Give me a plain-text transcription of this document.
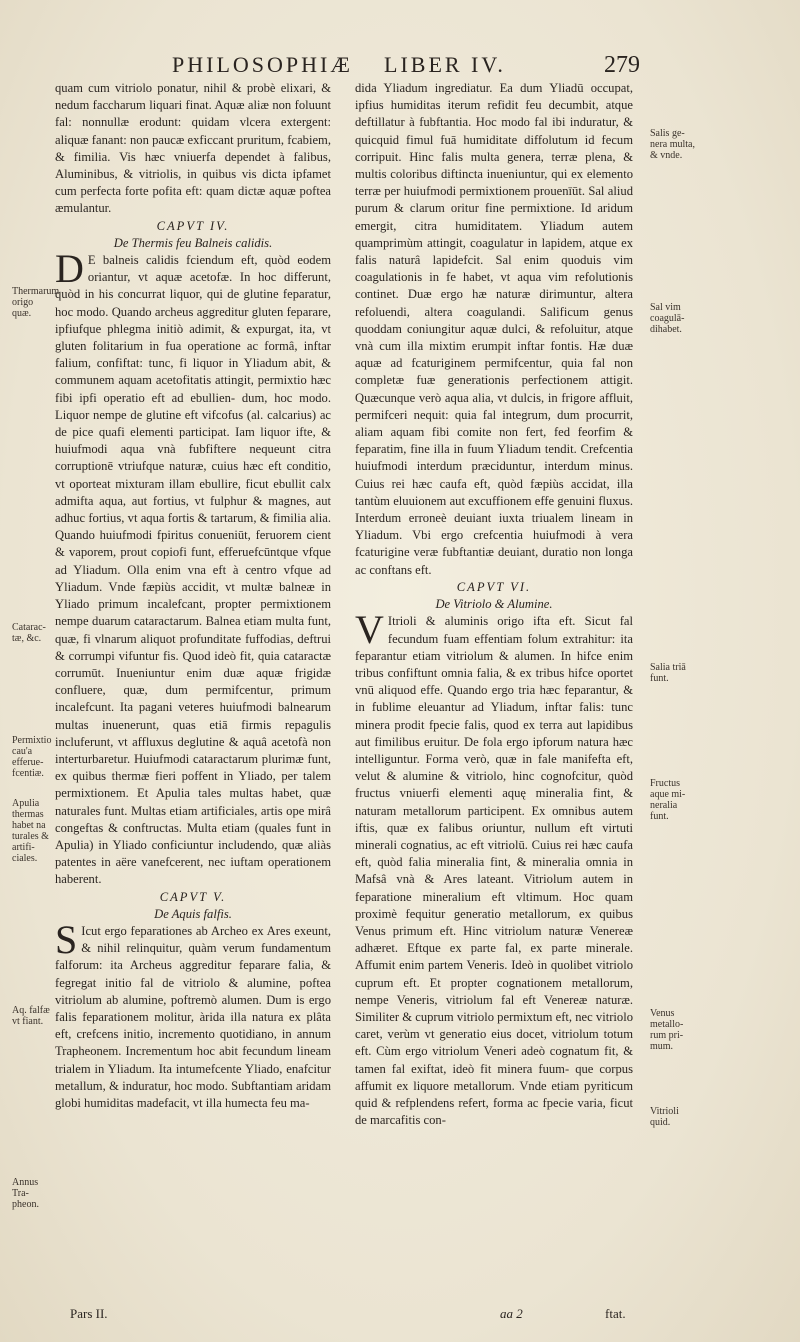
PHILOSOPHIÆ LIBER IV.	279

quam cum vitriolo ponatur, nihil & probè elixari, & nedum faccharum liquari finat. Aquæ aliæ non foluunt fal: nonnullæ erodunt: quidam vlcera extergent: aliquæ fanant: non paucæ exficcant pruritum, fcabiem, & fimilia. Vis hæc vniuerfa dependet à falibus, Aluminibus, & vitriolis, in quibus vis dicta ipfamet cum perfecta forte pofita eft: quam dictæ aquæ poftea æmulantur.

CAPVT IV.

De Thermis feu Balneis calidis.

D E balneis calidis fciendum eft, quòd eodem oriantur, vt aquæ acetofæ. In hoc differunt, quòd in his concurrat liquor, qui de glutine feparatur, hoc modo. Quando archeus aggreditur gluten feparare, ipfiufque phlegma initiò adimit, & expurgat, ita, vt gluten folitarium in fua operatione ac formâ, inftar falium, confiftat: tunc, fi liquor in Yliadum abit, & communem aquam acetofitatis attingit, permixtio hæc fibi ipfi operatio eft ad ebullien- dum, hoc modo. Liquor nempe de glutine eft vifcofus (al. calcarius) ac de pice quafi elementi participat. Iam liquor ifte, & huiufmodi aqua vnà fubfiftere nequeunt citra corruptionē vtriufque naturæ, cuius hæc eft conditio, vt oporteat mixturam illam ebullire, ficut ebullit calx admifta aqua, aut fortius, vt fulphur & magnes, aut adhuc fortius, vt aqua fortis & tartarum, & fimilia alia. Quando huiufmodi fpiritus conueniūt, feruorem cient & vaporem, prout copiofi funt, efferuefcūntque vfque ad Yliadum. Olla enim vna eft à centro vfque ad Yliadum. Vnde fæpiùs accidit, vt multæ balneæ in Yliado primum incalefcant, propter permixtionem nempe duarum cataractarum. Balnea etiam multa funt, quæ, fi vlnarum aliquot profunditate fuffodias, deftrui & corrumpi vifuntur fis. Quod ideò fit, quia cataractæ corrumūt. Inueniuntur enim duæ aquæ frigidæ confluere, quæ, dum permifcentur, primum incalefcunt. Ita pagani veteres huiufmodi balnearum multas inuenerunt, quas etiā firmis repagulis incluferunt, vt affluxus deglutine & aquâ acetofà non interturbaretur. Huiufmodi cataractarum plurimæ funt, ex quibus thermæ fieri poffent in Yliado, per talem permixtionem. Et Apulia tales multas habet, quæ naturales funt. Multas etiam artificiales, artis ope mirâ congeftas & conftructas. Multa etiam (quales funt in Apulia) in Yliado conficiuntur includendo, quæ aliàs patentes in aëre vanefcerent, nec iuftam operationem haberent.

CAPVT V.

De Aquis falfis.

S Icut ergo feparationes ab Archeo ex Ares exeunt, & nihil relinquitur, quàm verum fundamentum falforum: ita Archeus aggreditur feparare falia, & fegregat initio fal de vitriolo & alumine, poftea vitriolum ab alumine, poftremò alumen. Dum is ergo falis feparationem molitur, àrida illa natura ex plâta eft, crefcens initio, incremento quotidiano, in annum Trapheonem. Incrementum hoc abit fecundum lineam trialem in Yliadum. Ita intumefcente Yliado, enafcitur metallum, & induratur, hoc modo. Subftantiam aridam globi humiditas madefacit, vt illa humecta feu ma-

dida Yliadum ingrediatur. Ea dum Yliadū occupat, ipfius humiditas iterum refidit feu decumbit, atque deftillatur à fubftantia. Hoc modo fal ibi induratur, & quicquid fimul fuā humiditate diffolutum id fecum corripuit. Hinc falis multa genera, terræ plena, & multis coloribus diftincta inueniuntur, qui ex elemento terræ per huiufmodi permixtionem prouenīūt. Sal aliud purum & clarum oritur fine permixtione. Id aridum emergit, citra humiditatem. Yliadum autem quamprimùm attingit, coagulatur in lapidem, atque ex falis naturâ lapidefcit. Sal enim quoduis vim coagulationis in fe habet, vt aqua vim refolutionis continet. Duæ ergo hæ naturæ dirimuntur, altera refoluendi, altera coagulandi. Salificum genus quoddam coniungitur aquæ dulci, & refoluitur, atque vnà cum illa mixtim erumpit inftar fontis. Hæ duæ aquæ ad fcaturiginem permifcentur, quia fal non completæ fuæ generationis perfectionem attigit. Quæcunque verò aqua alia, vt dulcis, in frigore affluit, permifceri nequit: quia fal integrum, dum procurrit, aliam aquam fibi comite non fert, fed feorfim & feparatim, fine illa in fuum Yliadum tendit. Crefcentia huiufmodi interdum præciduntur, interdum minus. Cuius rei hæc caufa eft, quòd fæpiùs accidat, illa tantùm eluuionem aut excuffionem effe genuini fluxus. Interdum erroneè deuiant iuxta triualem lineam in Yliadum. Vbi ergo crefcentia huiufmodi à vera fcaturigine veræ fubftantiæ deuiant, duratio non longa ac conftans eft.

CAPVT VI.

De Vitriolo & Alumine.

V Itrioli & aluminis origo ifta eft. Sicut fal fecundum fuam effentiam folum extrahitur: ita feparantur etiam vitriolum & alumen. In hifce enim tribus confiftunt omnia falia, & ex tribus hifce oportet vnū aliquod effe. Quando ergo tria hæc feparantur, & in fublime eleuantur ad Yliadum, inftar falis: tunc minera prodit fpecie falis, quod ex terra aut lapidibus aut fimilibus eruitur. De fola ergo ipforum natura hæc intelliguntur. Forma verò, quæ in fale manifefta eft, velut & alumine & vitriolo, hinc cognofcitur, quòd fructus vniuerfi elementi aquę mineralia fint, & naturam metallorum participent. Ex omnibus autem iftis, quæ ex falibus oriuntur, nullum eft virtuti minerali cognatius, ac eft vitriolū. Cuius rei hæc caufa eft, quòd falia mineralia fint, & mineralia omnia in Mafsâ vnà & Ares lateant. Vitriolum autem in feparatione mineralium eft vltimum. Hoc quam proximè fequitur generatio metallorum, ex quibus Venus primum eft. Hinc vitriolum naturæ Venereæ adhæret. Eftque ex parte fal, ex parte minerale. Affumit enim partem Veneris. Ideò in quolibet vitriolo cuprum eft. Et propter cognationem metallorum, nempe Veneris, vitriolum fal eft Venereæ naturæ. Similiter & cuprum vitriolo permixtum eft, nec vitriolo caret, verùm vt generatio eius docet, vitriolum totum eft. Cùm ergo vitriolum Veneri adeò cognatum fit, & tamen fal exiftat, ideò fit minera fuum- que corpus affumit ex liquore metallorum. Vnde etiam pyriticum quid & refplendens refert, forma ac fpecie varia, ficut de marcafitis con-

Thermarum origo quæ.
Catarac- tæ, &c.
Permixtio cau'a efferue- fcentiæ.
Apulia thermas habet na turales & artifi- ciales.
Aq. falfæ vt fiant.
Annus Tra- pheon.
Salis ge- nera multa, & vnde.
Sal vim coagulā- dihabet.
Salia triā funt.
Fructus aque mi- neralia funt.
Venus metallo- rum pri- mum.
Vitrioli quid.
Pars II.	aa 2	ftat.
